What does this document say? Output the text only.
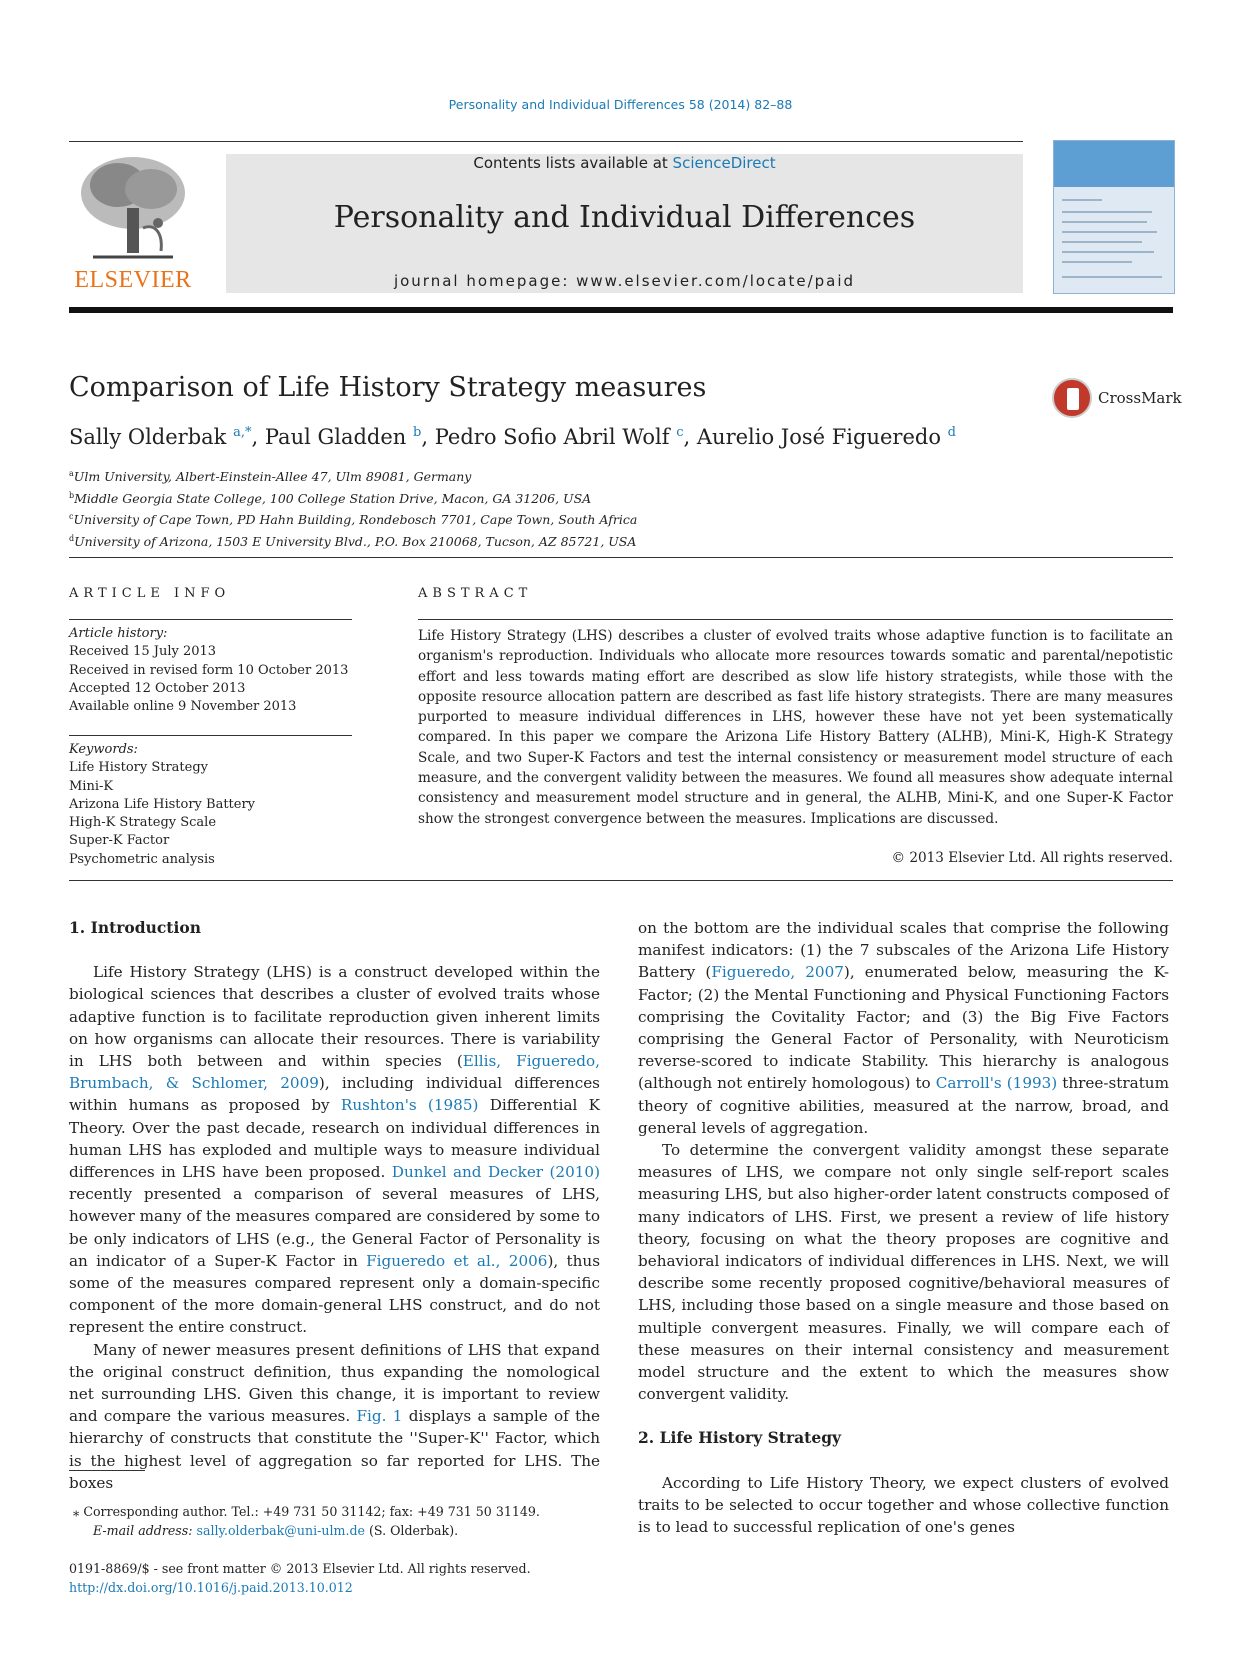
Personality and Individual Differences 58 (2014) 82–88
ELSEVIER
Contents lists available at ScienceDirect
Personality and Individual Differences
journal homepage: www.elsevier.com/locate/paid
Comparison of Life History Strategy measures	CrossMark
Sally Olderbak $^{a,*}$, Paul Gladden $^b$, Pedro Sofio Abril Wolf $^c$, Aurelio José Figueredo $^d$
$^a$Ulm University, Albert-Einstein-Allee 47, Ulm 89081, Germany
$^b$Middle Georgia State College, 100 College Station Drive, Macon, GA 31206, USA
$^c$University of Cape Town, PD Hahn Building, Rondebosch 7701, Cape Town, South Africa
$^d$University of Arizona, 1503 E University Blvd., P.O. Box 210068, Tucson, AZ 85721, USA
ARTICLE INFO	ABSTRACT
Article history:
Received 15 July 2013
Received in revised form 10 October 2013
Accepted 12 October 2013
Available online 9 November 2013
Keywords:
Life History Strategy
Mini-K
Arizona Life History Battery
High-K Strategy Scale
Super-K Factor
Psychometric analysis
Life History Strategy (LHS) describes a cluster of evolved traits whose adaptive function is to facilitate an organism's reproduction. Individuals who allocate more resources towards somatic and parental/nepotistic effort and less towards mating effort are described as slow life history strategists, while those with the opposite resource allocation pattern are described as fast life history strategists. There are many measures purported to measure individual differences in LHS, however these have not yet been systematically compared. In this paper we compare the Arizona Life History Battery (ALHB), Mini-K, High-K Strategy Scale, and two Super-K Factors and test the internal consistency or measurement model structure of each measure, and the convergent validity between the measures. We found all measures show adequate internal consistency and measurement model structure and in general, the ALHB, Mini-K, and one Super-K Factor show the strongest convergence between the measures. Implications are discussed.
© 2013 Elsevier Ltd. All rights reserved.
1. Introduction

Life History Strategy (LHS) is a construct developed within the biological sciences that describes a cluster of evolved traits whose adaptive function is to facilitate reproduction given inherent limits on how organisms can allocate their resources. There is variability in LHS both between and within species (Ellis, Figueredo, Brumbach, & Schlomer, 2009), including individual differences within humans as proposed by Rushton's (1985) Differential K Theory. Over the past decade, research on individual differences in human LHS has exploded and multiple ways to measure individual differences in LHS have been proposed. Dunkel and Decker (2010) recently presented a comparison of several measures of LHS, however many of the measures compared are considered by some to be only indicators of LHS (e.g., the General Factor of Personality is an indicator of a Super-K Factor in Figueredo et al., 2006), thus some of the measures compared represent only a domain-specific component of the more domain-general LHS construct, and do not represent the entire construct.

Many of newer measures present definitions of LHS that expand the original construct definition, thus expanding the nomological net surrounding LHS. Given this change, it is important to review and compare the various measures. Fig. 1 displays a sample of the hierarchy of constructs that constitute the ''Super-K'' Factor, which is the highest level of aggregation so far reported for LHS. The boxes

on the bottom are the individual scales that comprise the following manifest indicators: (1) the 7 subscales of the Arizona Life History Battery (Figueredo, 2007), enumerated below, measuring the K-Factor; (2) the Mental Functioning and Physical Functioning Factors comprising the Covitality Factor; and (3) the Big Five Factors comprising the General Factor of Personality, with Neuroticism reverse-scored to indicate Stability. This hierarchy is analogous (although not entirely homologous) to Carroll's (1993) three-stratum theory of cognitive abilities, measured at the narrow, broad, and general levels of aggregation.

To determine the convergent validity amongst these separate measures of LHS, we compare not only single self-report scales measuring LHS, but also higher-order latent constructs composed of many indicators of LHS. First, we present a review of life history theory, focusing on what the theory proposes are cognitive and behavioral indicators of individual differences in LHS. Next, we will describe some recently proposed cognitive/behavioral measures of LHS, including those based on a single measure and those based on multiple convergent measures. Finally, we will compare each of these measures on their internal consistency and measurement model structure and the extent to which the measures show convergent validity.

2. Life History Strategy

According to Life History Theory, we expect clusters of evolved traits to be selected to occur together and whose collective function is to lead to successful replication of one's genes

⁎ Corresponding author. Tel.: +49 731 50 31142; fax: +49 731 50 31149.
E-mail address: sally.olderbak@uni-ulm.de (S. Olderbak).
0191-8869/$ - see front matter © 2013 Elsevier Ltd. All rights reserved.
http://dx.doi.org/10.1016/j.paid.2013.10.012
